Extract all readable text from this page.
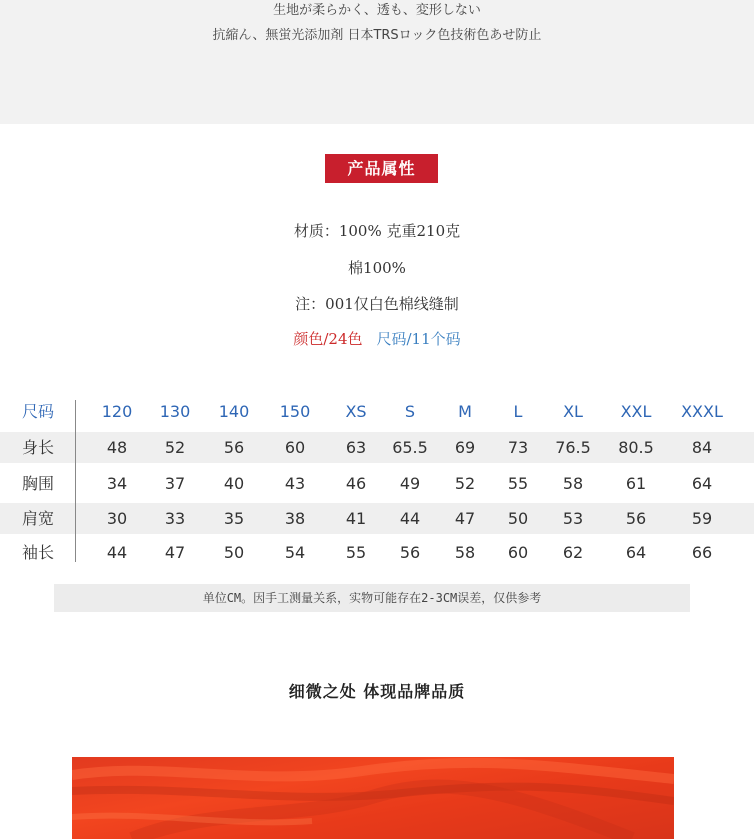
生地が柔らかく、透も、変形しない
抗縮ん、無蛍光添加剤 日本TRSロック色技術色あせ防止
产品属性
材质：100% 克重210克
棉100%
注：001仅白色棉线缝制
颜色/24色 尺码/11个码
尺码	120	130	140	150	XS	S	M	L	XL	XXL	XXXL
身长	48	52	56	60	63	65.5	69	73	76.5	80.5	84
胸围	34	37	40	43	46	49	52	55	58	61	64
肩宽	30	33	35	38	41	44	47	50	53	56	59
袖长	44	47	50	54	55	56	58	60	62	64	66
单位CM。因手工测量关系，实物可能存在2-3CM误差，仅供参考
细微之处 体现品牌品质
